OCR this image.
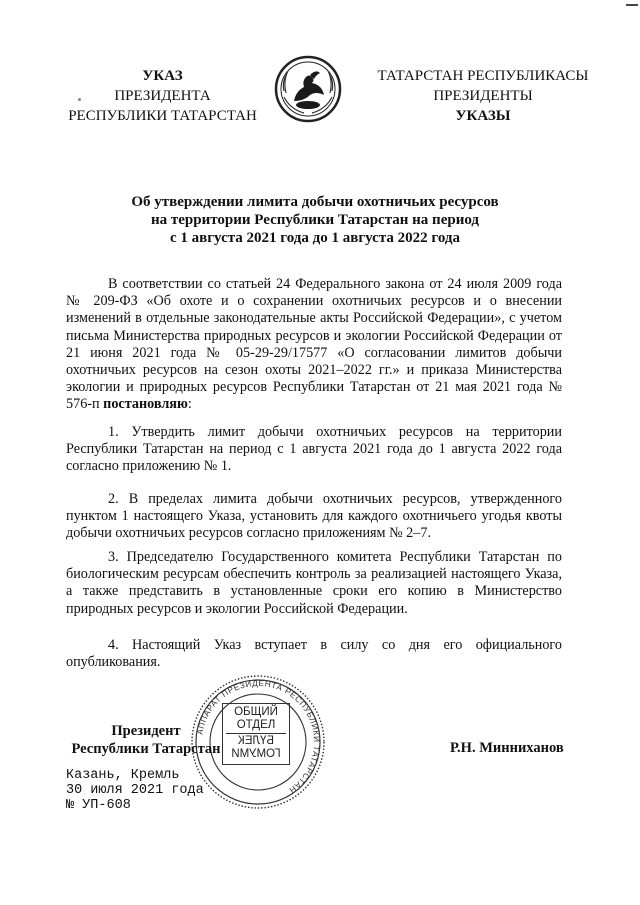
УКАЗ
ПРЕЗИДЕНТА
РЕСПУБЛИКИ ТАТАРСТАН
ТАТАРСТАН РЕСПУБЛИКАСЫ
ПРЕЗИДЕНТЫ
УКАЗЫ
Об утверждении лимита добычи охотничьих ресурсов
на территории Республики Татарстан на период
с 1 августа 2021 года до 1 августа 2022 года

В соответствии со статьей 24 Федерального закона от 24 июля 2009 года № 209-ФЗ «Об охоте и о сохранении охотничьих ресурсов и о внесении изменений в отдельные законодательные акты Российской Федерации», с учетом письма Министерства природных ресурсов и экологии Российской Федерации от 21 июня 2021 года № 05-29-29/17577 «О согласовании лимитов добычи охотничьих ресурсов на сезон охоты 2021–2022 гг.» и приказа Министерства экологии и природных ресурсов Республики Татарстан от 21 мая 2021 года № 576-п постановляю:

1. Утвердить лимит добычи охотничьих ресурсов на территории Республики Татарстан на период с 1 августа 2021 года до 1 августа 2022 года согласно приложению № 1.

2. В пределах лимита добычи охотничьих ресурсов, утвержденного пунктом 1 настоящего Указа, установить для каждого охотничьего угодья квоты добычи охотничьих ресурсов согласно приложениям № 2–7.

3. Председателю Государственного комитета Республики Татарстан по биологическим ресурсам обеспечить контроль за реализацией настоящего Указа, а также представить в установленные сроки его копию в Министерство природных ресурсов и экологии Российской Федерации.

4. Настоящий Указ вступает в силу со дня его официального опубликования.

АППАРАТ ПРЕЗИДЕНТА РЕСПУБЛИКИ ТАТАРСТАН
ОБЩИЙ
ОТДЕЛ
БҮЛЕК
ГОМУМИ
Президент
Республики Татарстан	Р.Н. Минниханов
Казань, Кремль
30 июля 2021 года
№ УП-608
